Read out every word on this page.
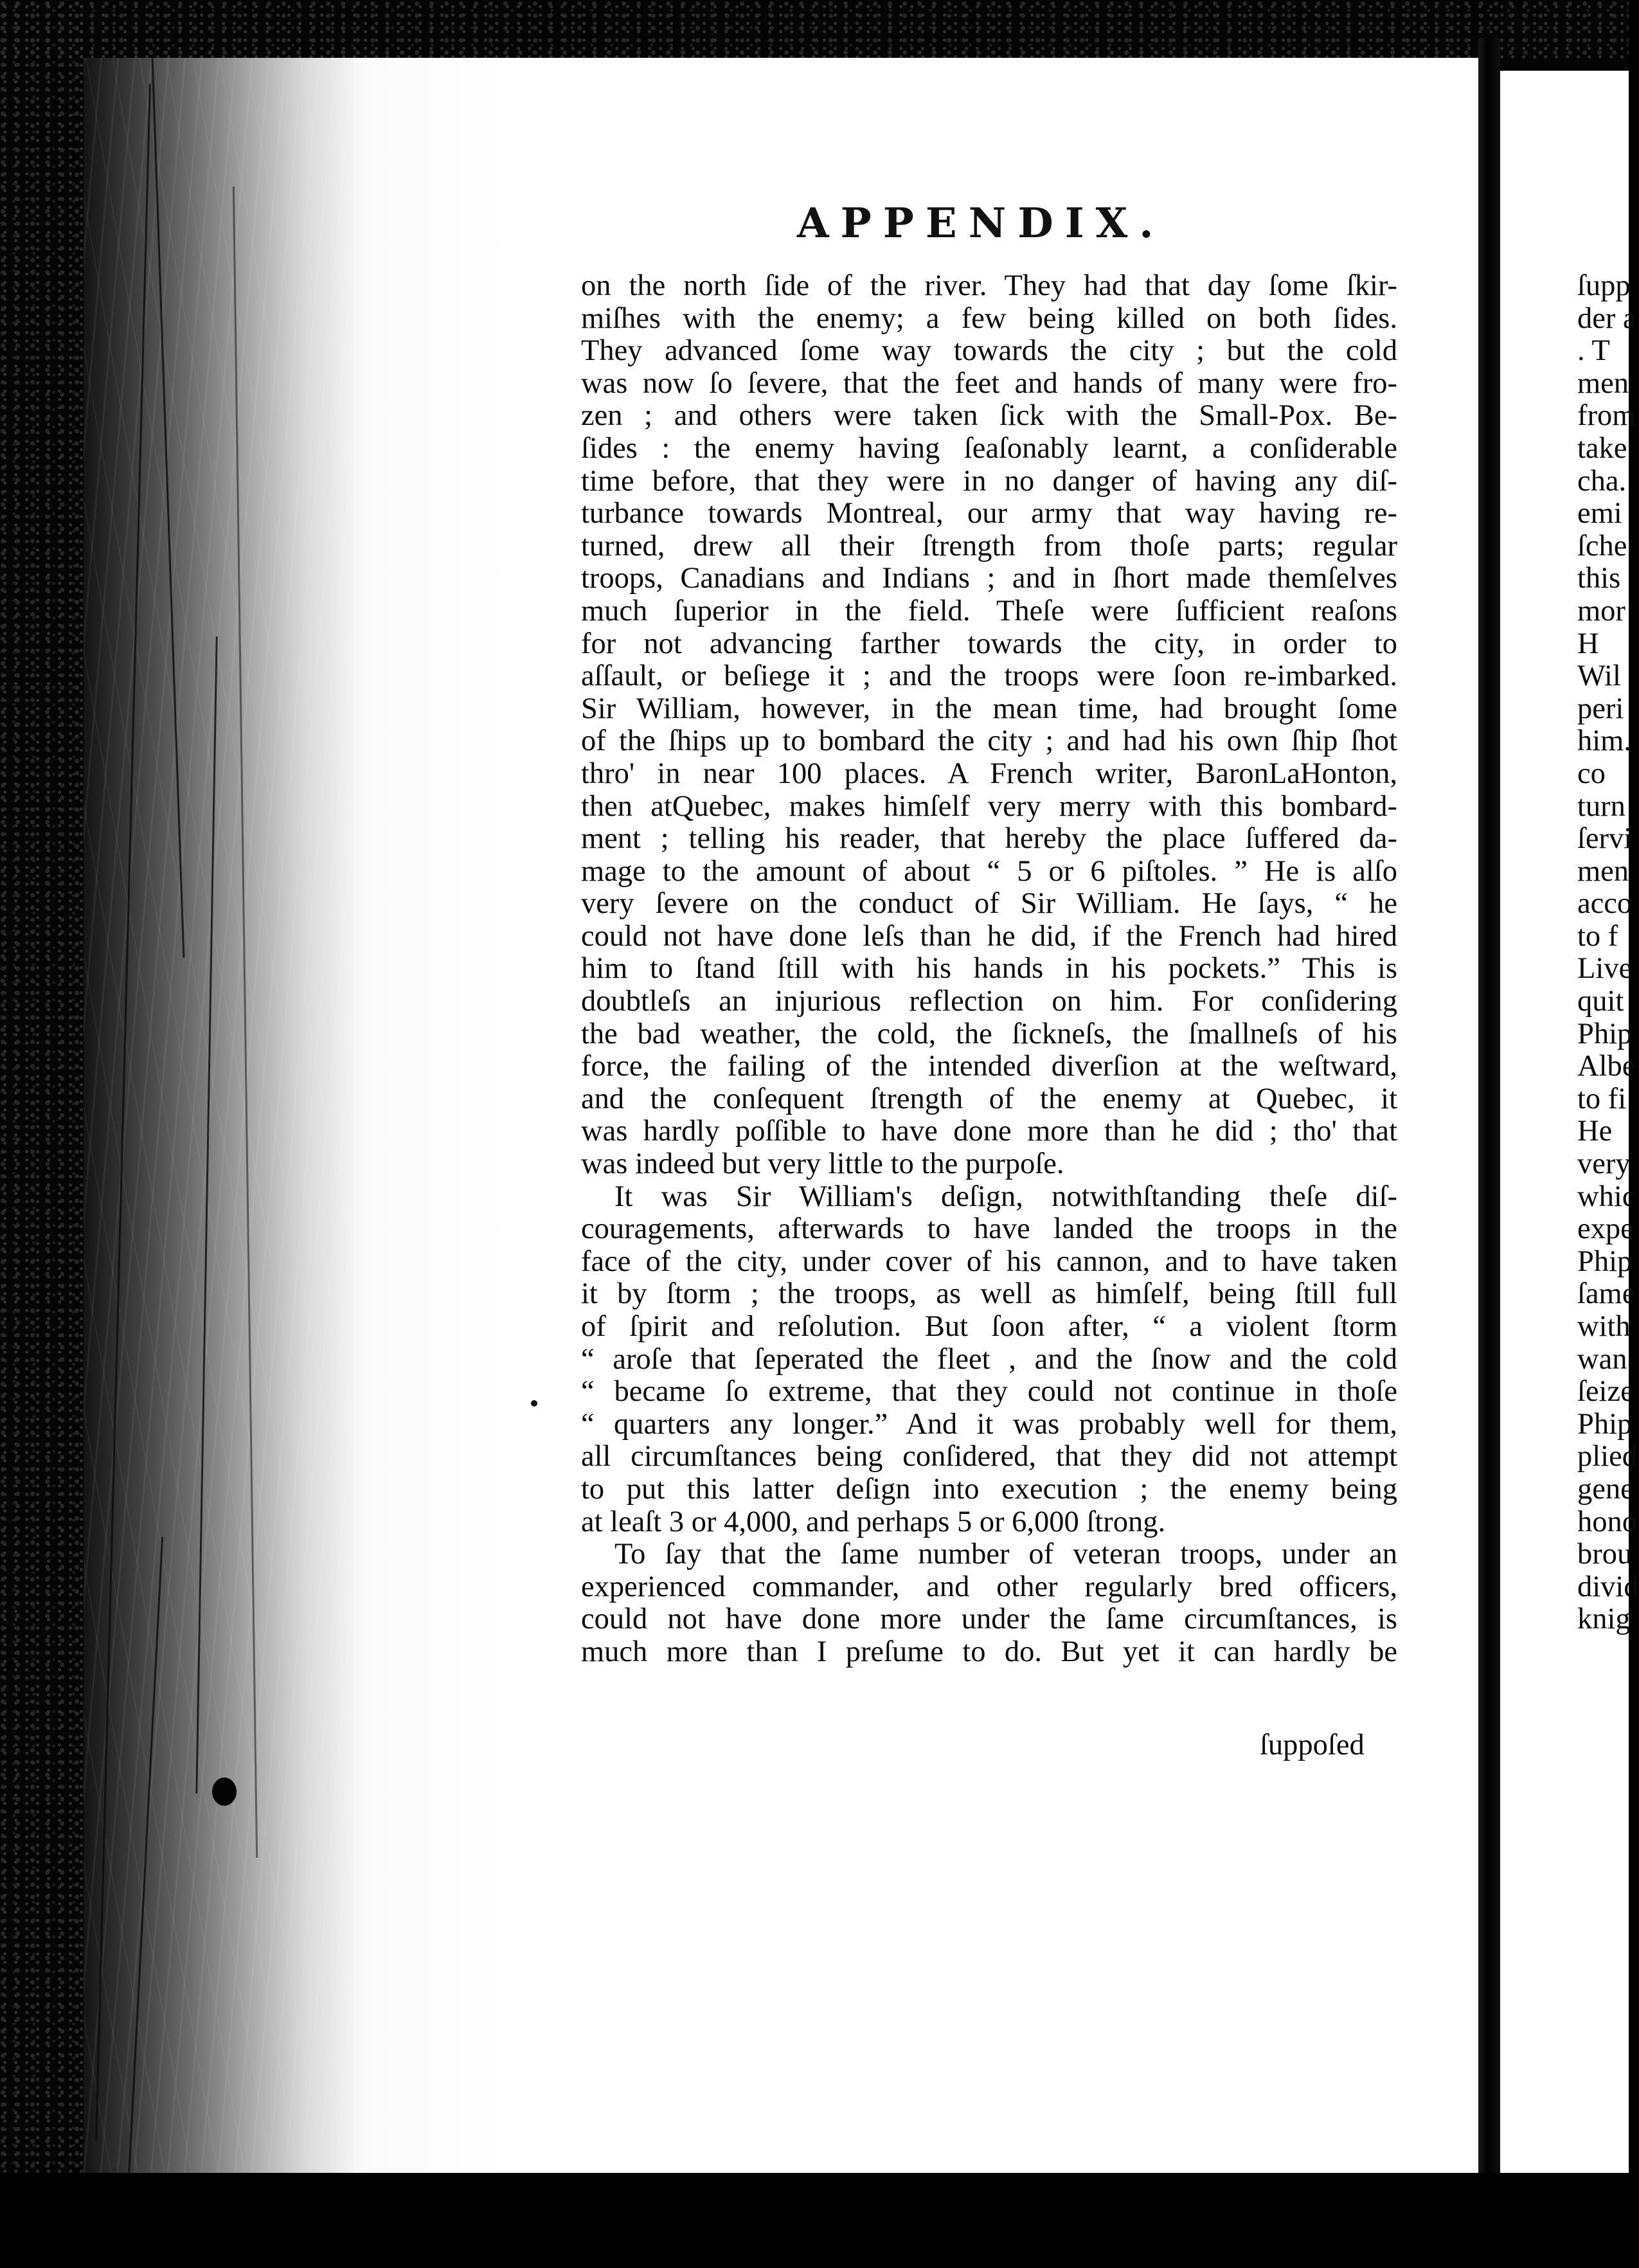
APPENDIX.
on the north ſide of the river. They had that day ſome ſkir-
miſhes with the enemy; a few being killed on both ſides.
They advanced ſome way towards the city ; but the cold
was now ſo ſevere, that the feet and hands of many were fro-
zen ; and others were taken ſick with the Small-Pox. Be-
ſides : the enemy having ſeaſonably learnt, a conſiderable
time before, that they were in no danger of having any diſ-
turbance towards Montreal, our army that way having re-
turned, drew all their ſtrength from thoſe parts; regular
troops, Canadians and Indians ; and in ſhort made themſelves
much ſuperior in the field. Theſe were ſufficient reaſons
for not advancing farther towards the city, in order to
aſſault, or beſiege it ; and the troops were ſoon re-imbarked.
Sir William, however, in the mean time, had brought ſome
of the ſhips up to bombard the city ; and had his own ſhip ſhot
thro' in near 100 places. A French writer, BaronLaHonton,
then atQuebec, makes himſelf very merry with this bombard-
ment ; telling his reader, that hereby the place ſuffered da-
mage to the amount of about “ 5 or 6 piſtoles. ” He is alſo
very ſevere on the conduct of Sir William. He ſays, “ he
could not have done leſs than he did, if the French had hired
him to ſtand ſtill with his hands in his pockets.” This is
doubtleſs an injurious reflection on him. For conſidering
the bad weather, the cold, the ſickneſs, the ſmallneſs of his
force, the failing of the intended diverſion at the weſtward,
and the conſequent ſtrength of the enemy at Quebec, it
was hardly poſſible to have done more than he did ; tho' that
was indeed but very little to the purpoſe.
It was Sir William's deſign, notwithſtanding theſe diſ-
couragements, afterwards to have landed the troops in the
face of the city, under cover of his cannon, and to have taken
it by ſtorm ; the troops, as well as himſelf, being ſtill full
of ſpirit and reſolution. But ſoon after, “ a violent ſtorm
“ aroſe that ſeperated the fleet , and the ſnow and the cold
“ became ſo extreme, that they could not continue in thoſe
“ quarters any longer.” And it was probably well for them,
all circumſtances being conſidered, that they did not attempt
to put this latter deſign into execution ; the enemy being
at leaſt 3 or 4,000, and perhaps 5 or 6,000 ſtrong.
To ſay that the ſame number of veteran troops, under an
experienced commander, and other regularly bred officers,
could not have done more under the ſame circumſtances, is
much more than I preſume to do. But yet it can hardly be
ſuppoſed
ſupp
der a
. T
men
from
take
cha.
emi
ſche
this
mor
H
Wil
peri
him.
co
turn
ſervi
men
acco
to f
Live
quit
Phip
Albe
to fi
He
very
whic
expe
Phip
ſame
with
wan
ſeize
Phip
plied
gene
hono
brou
divid
knig
